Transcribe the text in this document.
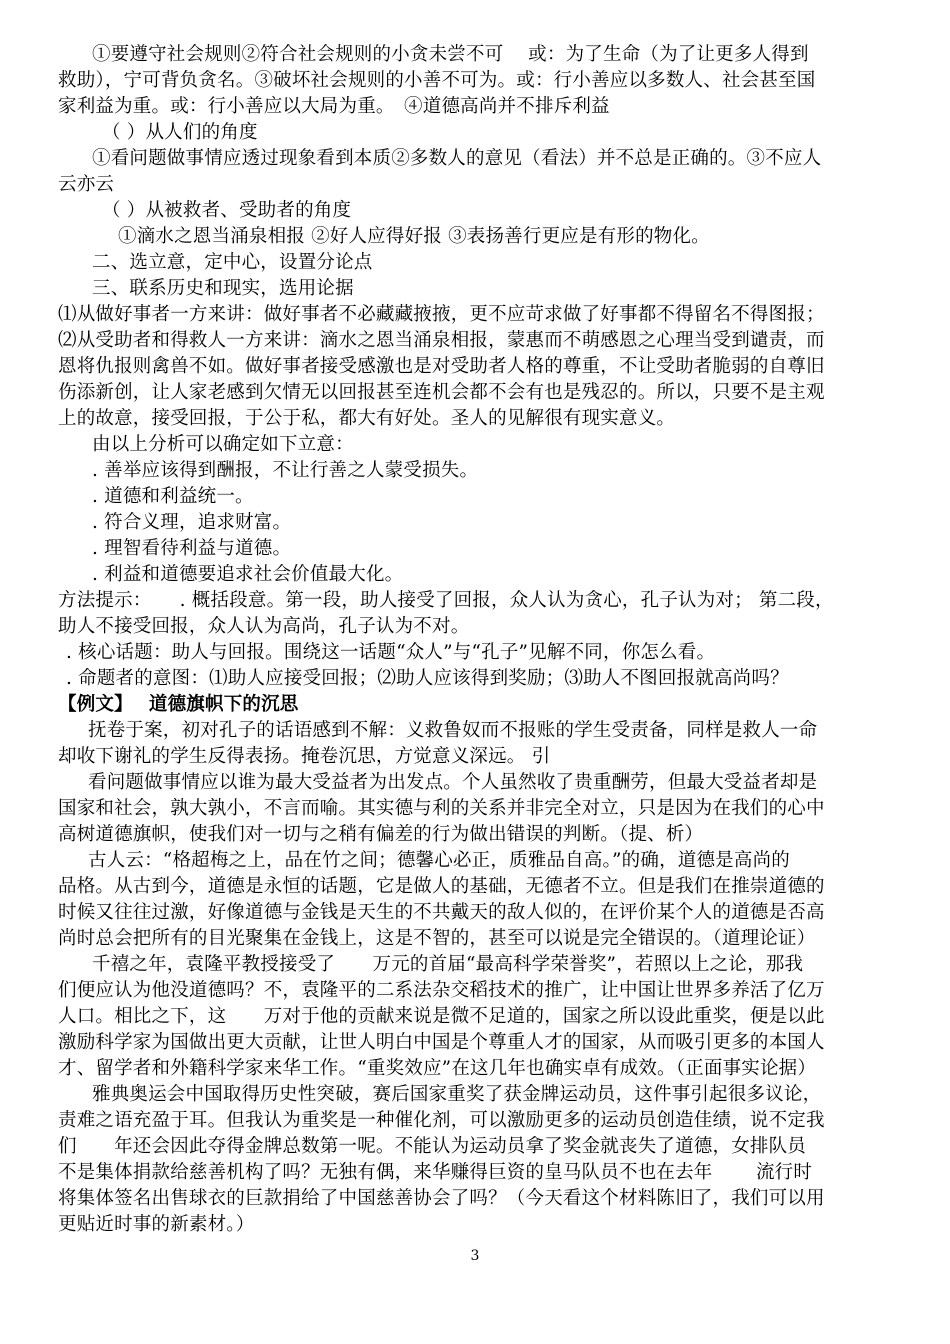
①要遵守社会规则②符合社会规则的小贪未尝不可　 或：为了生命（为了让更多人得到
救助），宁可背负贪名。③破坏社会规则的小善不可为。或：行小善应以多数人、社会甚至国
家利益为重。或：行小善应以大局为重。　④道德高尚并不排斥利益
（ ）从人们的角度
①看问题做事情应透过现象看到本质②多数人的意见（看法）并不总是正确的。③不应人
云亦云
（ ）从被救者、受助者的角度
①滴水之恩当涌泉相报 ②好人应得好报 ③表扬善行更应是有形的物化。
二、选立意，定中心，设置分论点
三、联系历史和现实，选用论据
⑴从做好事者一方来讲：做好事者不必藏藏掖掖，更不应苛求做了好事都不得留名不得图报；
⑵从受助者和得救人一方来讲：滴水之恩当涌泉相报，蒙惠而不萌感恩之心理当受到谴责，而
恩将仇报则禽兽不如。做好事者接受感激也是对受助者人格的尊重，不让受助者脆弱的自尊旧
伤添新创，让人家老感到欠情无以回报甚至连机会都不会有也是残忍的。所以，只要不是主观
上的故意，接受回报，于公于私，都大有好处。圣人的见解很有现实意义。
由以上分析可以确定如下立意：
. 善举应该得到酬报，不让行善之人蒙受损失。
. 道德和利益统一。
. 符合义理，追求财富。
. 理智看待利益与道德。
. 利益和道德要追求社会价值最大化。
方法提示：　　. 概括段意。第一段，助人接受了回报，众人认为贪心，孔子认为对； 第二段，
助人不接受回报，众人认为高尚，孔子认为不对。
. 核心话题：助人与回报。围绕这一话题“众人”与“孔子”见解不同，你怎么看。
. 命题者的意图：⑴助人应接受回报；⑵助人应该得到奖励；⑶助人不图回报就高尚吗？
【例文】　 道德旗帜下的沉思
抚卷于案，初对孔子的话语感到不解：义救鲁奴而不报账的学生受责备，同样是救人一命
却收下谢礼的学生反得表扬。掩卷沉思，方觉意义深远。 引
看问题做事情应以谁为最大受益者为出发点。个人虽然收了贵重酬劳，但最大受益者却是
国家和社会，孰大孰小，不言而喻。其实德与利的关系并非完全对立，只是因为在我们的心中
高树道德旗帜，使我们对一切与之稍有偏差的行为做出错误的判断。（提、析）
古人云：“格超梅之上，品在竹之间；德馨心必正，质雅品自高。”的确，道德是高尚的
品格。从古到今，道德是永恒的话题，它是做人的基础，无德者不立。但是我们在推崇道德的
时候又往往过激，好像道德与金钱是天生的不共戴天的敌人似的，在评价某个人的道德是否高
尚时总会把所有的目光聚集在金钱上，这是不智的，甚至可以说是完全错误的。（道理论证）
千禧之年，袁隆平教授接受了　　万元的首届“最高科学荣誉奖”，若照以上之论，那我
们便应认为他没道德吗？不，袁隆平的二系法杂交稻技术的推广，让中国让世界多养活了亿万
人口。相比之下，这　　万对于他的贡献来说是微不足道的，国家之所以设此重奖，便是以此
激励科学家为国做出更大贡献，让世人明白中国是个尊重人才的国家，从而吸引更多的本国人
才、留学者和外籍科学家来华工作。“重奖效应”在这几年也确实卓有成效。（正面事实论据）
雅典奥运会中国取得历史性突破，赛后国家重奖了获金牌运动员，这件事引起很多议论，
责难之语充盈于耳。但我认为重奖是一种催化剂，可以激励更多的运动员创造佳绩，说不定我
们　　年还会因此夺得金牌总数第一呢。不能认为运动员拿了奖金就丧失了道德，女排队员
不是集体捐款给慈善机构了吗？无独有偶，来华赚得巨资的皇马队员不也在去年　　 流行时
将集体签名出售球衣的巨款捐给了中国慈善协会了吗？（今天看这个材料陈旧了，我们可以用
更贴近时事的新素材。）
3
